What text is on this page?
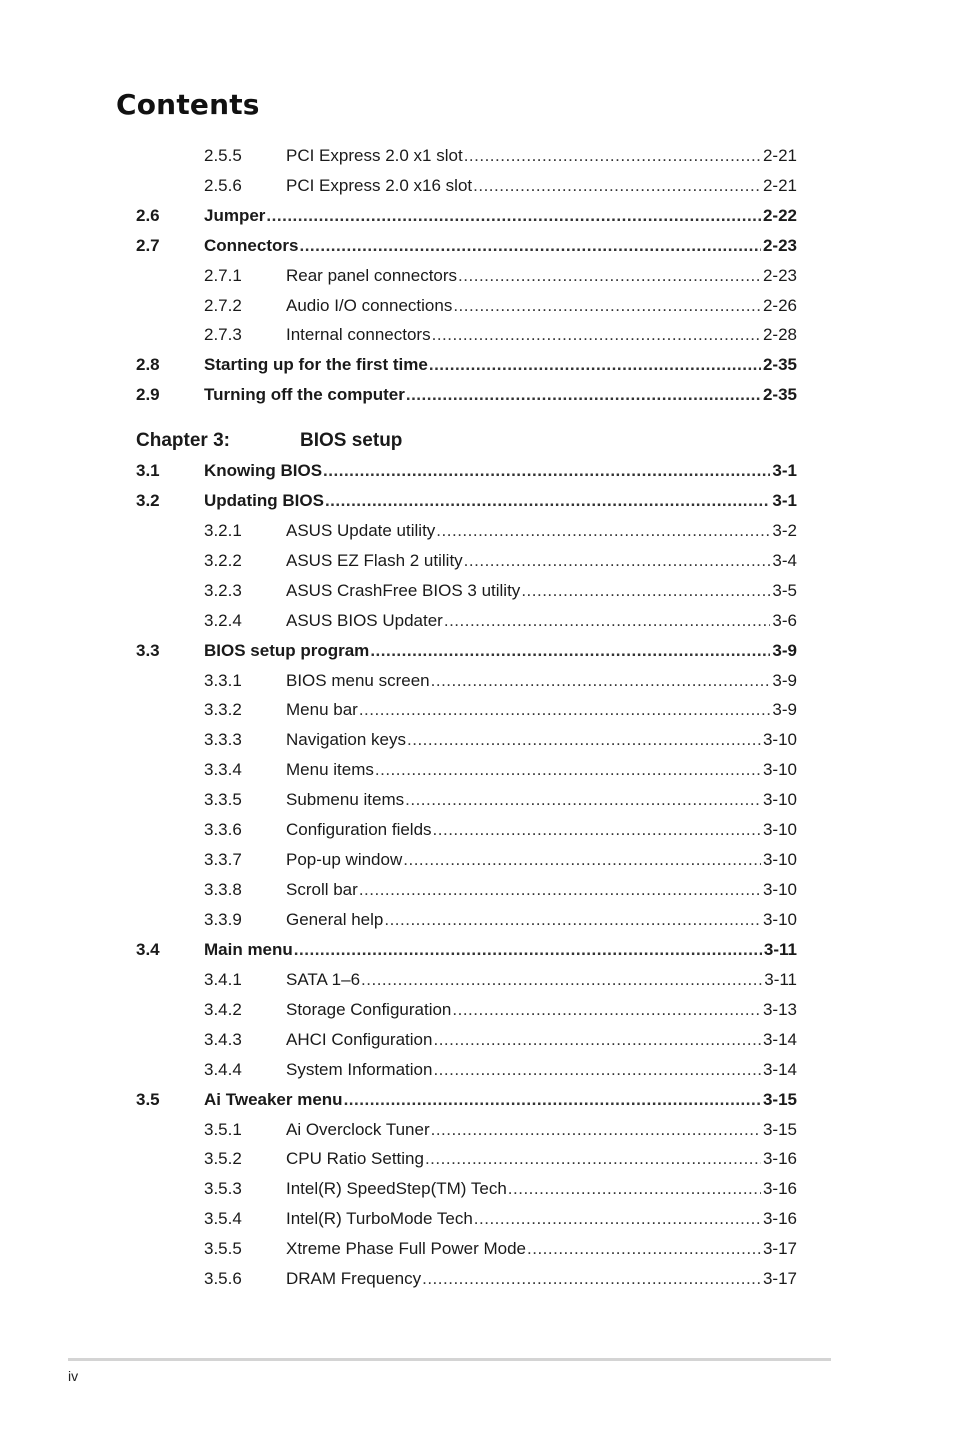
Contents
2.5.5	PCI Express 2.0 x1 slot .....	2-21
2.5.6	PCI Express 2.0 x16 slot .....	2-21
2.6	Jumper .....	2-22
2.7	Connectors .....	2-23
2.7.1	Rear panel connectors .....	2-23
2.7.2	Audio I/O connections .....	2-26
2.7.3	Internal connectors .....	2-28
2.8	Starting up for the first time .....	2-35
2.9	Turning off the computer .....	2-35
Chapter 3:	BIOS setup
3.1	Knowing BIOS .....	3-1
3.2	Updating BIOS .....	3-1
3.2.1	ASUS Update utility .....	3-2
3.2.2	ASUS EZ Flash 2 utility .....	3-4
3.2.3	ASUS CrashFree BIOS 3 utility .....	3-5
3.2.4	ASUS BIOS Updater .....	3-6
3.3	BIOS setup program .....	3-9
3.3.1	BIOS menu screen .....	3-9
3.3.2	Menu bar .....	3-9
3.3.3	Navigation keys .....	3-10
3.3.4	Menu items .....	3-10
3.3.5	Submenu items .....	3-10
3.3.6	Configuration fields .....	3-10
3.3.7	Pop-up window .....	3-10
3.3.8	Scroll bar .....	3-10
3.3.9	General help .....	3-10
3.4	Main menu .....	3-11
3.4.1	SATA 1–6 .....	3-11
3.4.2	Storage Configuration .....	3-13
3.4.3	AHCI Configuration .....	3-14
3.4.4	System Information .....	3-14
3.5	Ai Tweaker menu .....	3-15
3.5.1	Ai Overclock Tuner .....	3-15
3.5.2	CPU Ratio Setting .....	3-16
3.5.3	Intel(R) SpeedStep(TM) Tech .....	3-16
3.5.4	Intel(R) TurboMode Tech .....	3-16
3.5.5	Xtreme Phase Full Power Mode .....	3-17
3.5.6	DRAM Frequency .....	3-17
iv
